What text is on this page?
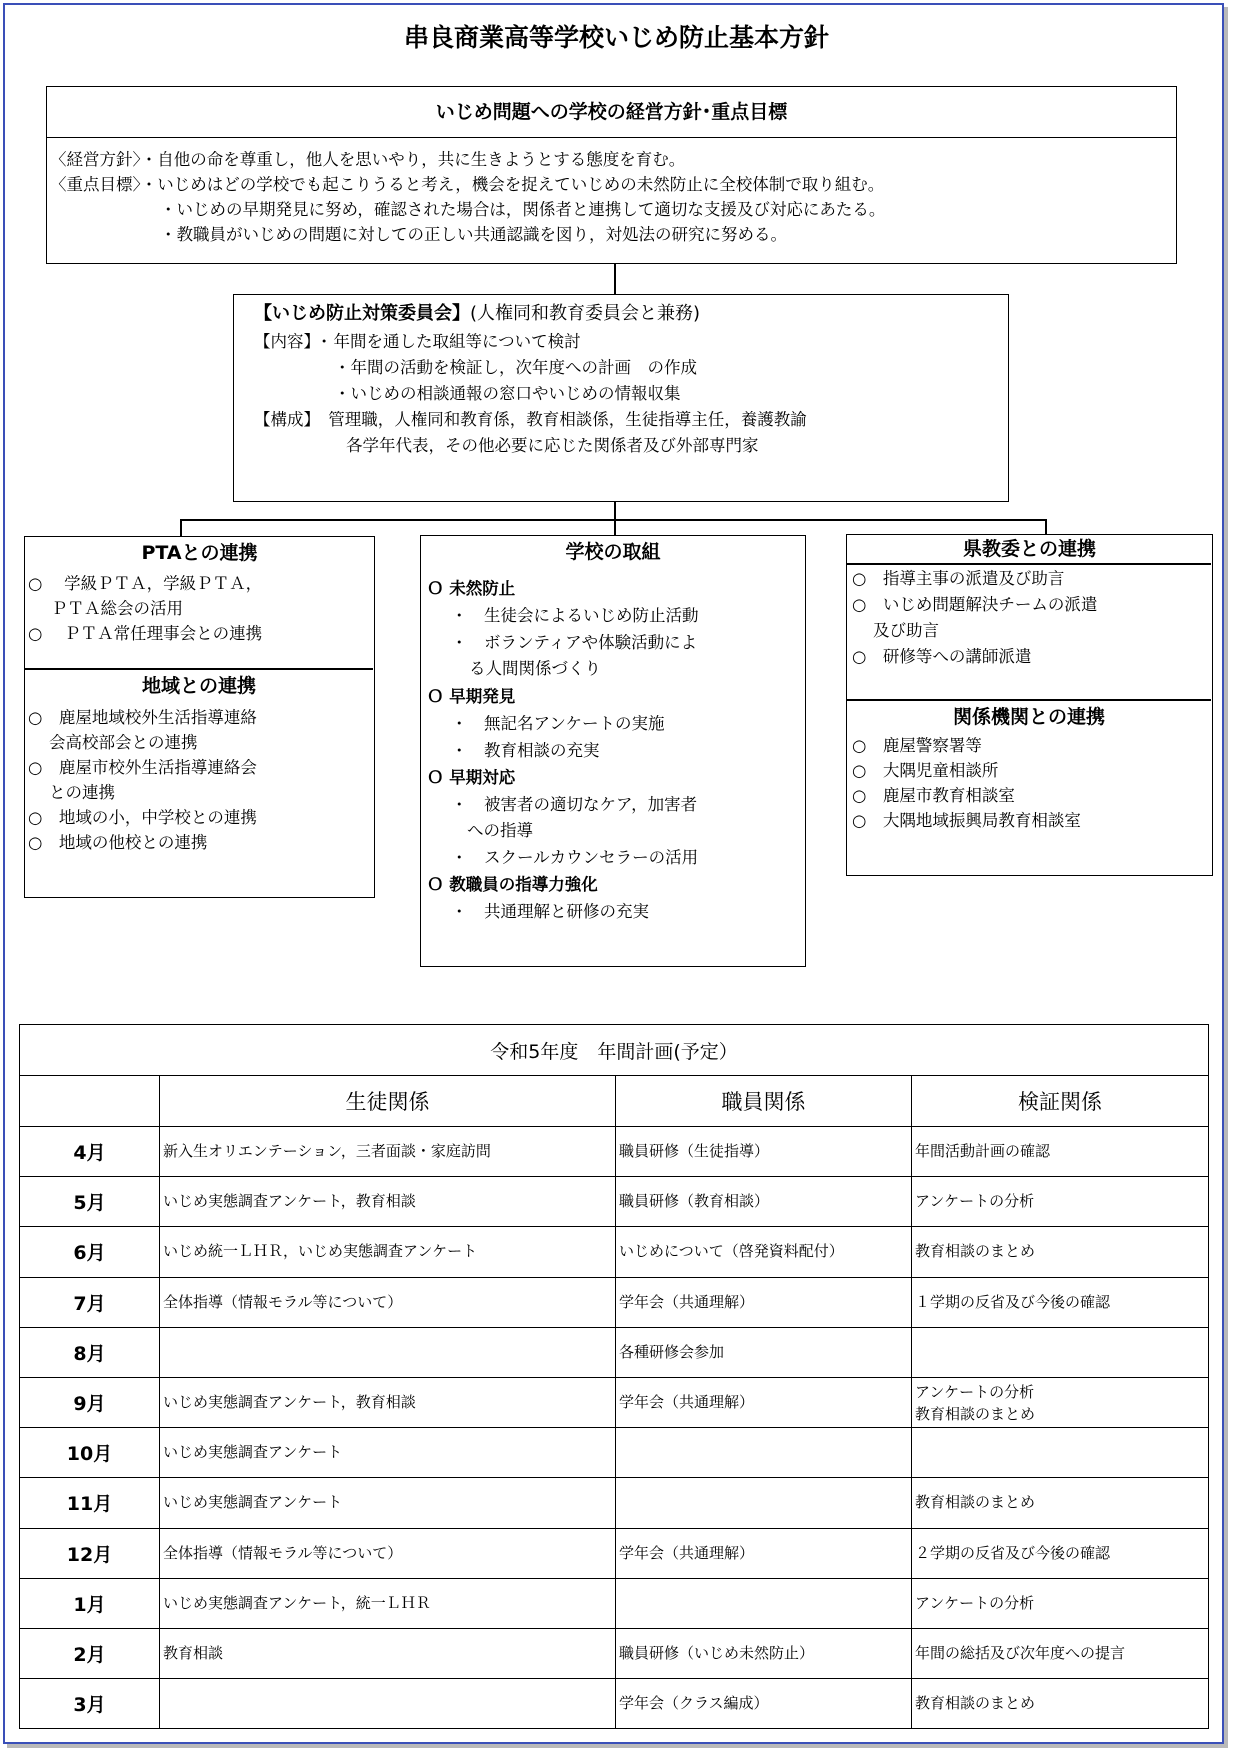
串良商業高等学校いじめ防止基本方針
いじめ問題への学校の経営方針･重点目標
〈経営方針〉・自他の命を尊重し，他人を思いやり，共に生きようとする態度を育む。
〈重点目標〉・いじめはどの学校でも起こりうると考え，機会を捉えていじめの未然防止に全校体制で取り組む。
・いじめの早期発見に努め，確認された場合は，関係者と連携して適切な支援及び対応にあたる。
・教職員がいじめの問題に対しての正しい共通認識を図り，対処法の研究に努める。
【いじめ防止対策委員会】(人権同和教育委員会と兼務)
【内容】･ 年間を通した取組等について検討
・年間の活動を検証し，次年度への計画　の作成
・いじめの相談通報の窓口やいじめの情報収集
【構成】　管理職，人権同和教育係，教育相談係，生徒指導主任，養護教諭
各学年代表，その他必要に応じた関係者及び外部専門家
PTAとの連携
○　 学級ＰＴＡ，学級ＰＴＡ，
ＰＴＡ総会の活用
○　 ＰＴＡ常任理事会との連携
地域との連携
○　鹿屋地域校外生活指導連絡
会高校部会との連携
○　鹿屋市校外生活指導連絡会
との連携
○　地域の小，中学校との連携
○　地域の他校との連携
学校の取組
Ｏ 未然防止
・　生徒会によるいじめ防止活動
・　ボランティアや体験活動によ
る人間関係づくり
Ｏ 早期発見
・　無記名アンケートの実施
・　教育相談の充実
Ｏ 早期対応
・　被害者の適切なケア，加害者
への指導
・　スクールカウンセラーの活用
Ｏ 教職員の指導力強化
・　共通理解と研修の充実
県教委との連携
○　指導主事の派遣及び助言
○　いじめ問題解決チームの派遣
及び助言
○　研修等への講師派遣
関係機関との連携
○　鹿屋警察署等
○　大隅児童相談所
○　鹿屋市教育相談室
○　大隅地域振興局教育相談室
令和5年度　年間計画(予定）			
	生徒関係	職員関係	検証関係
4月	新入生オリエンテーション，三者面談・家庭訪問	職員研修（生徒指導）	年間活動計画の確認
5月	いじめ実態調査アンケート，教育相談	職員研修（教育相談）	アンケートの分析
6月	いじめ統一ＬＨＲ，いじめ実態調査アンケート	いじめについて（啓発資料配付）	教育相談のまとめ
7月	全体指導（情報モラル等について）	学年会（共通理解）	１学期の反省及び今後の確認
8月		各種研修会参加	
9月	いじめ実態調査アンケート，教育相談	学年会（共通理解）	アンケートの分析
教育相談のまとめ

10月	いじめ実態調査アンケート		
11月	いじめ実態調査アンケート		教育相談のまとめ
12月	全体指導（情報モラル等について）	学年会（共通理解）	２学期の反省及び今後の確認
1月	いじめ実態調査アンケート，統一ＬＨＲ		アンケートの分析
2月	教育相談	職員研修（いじめ未然防止）	年間の総括及び次年度への提言
3月		学年会（クラス編成）	教育相談のまとめ
